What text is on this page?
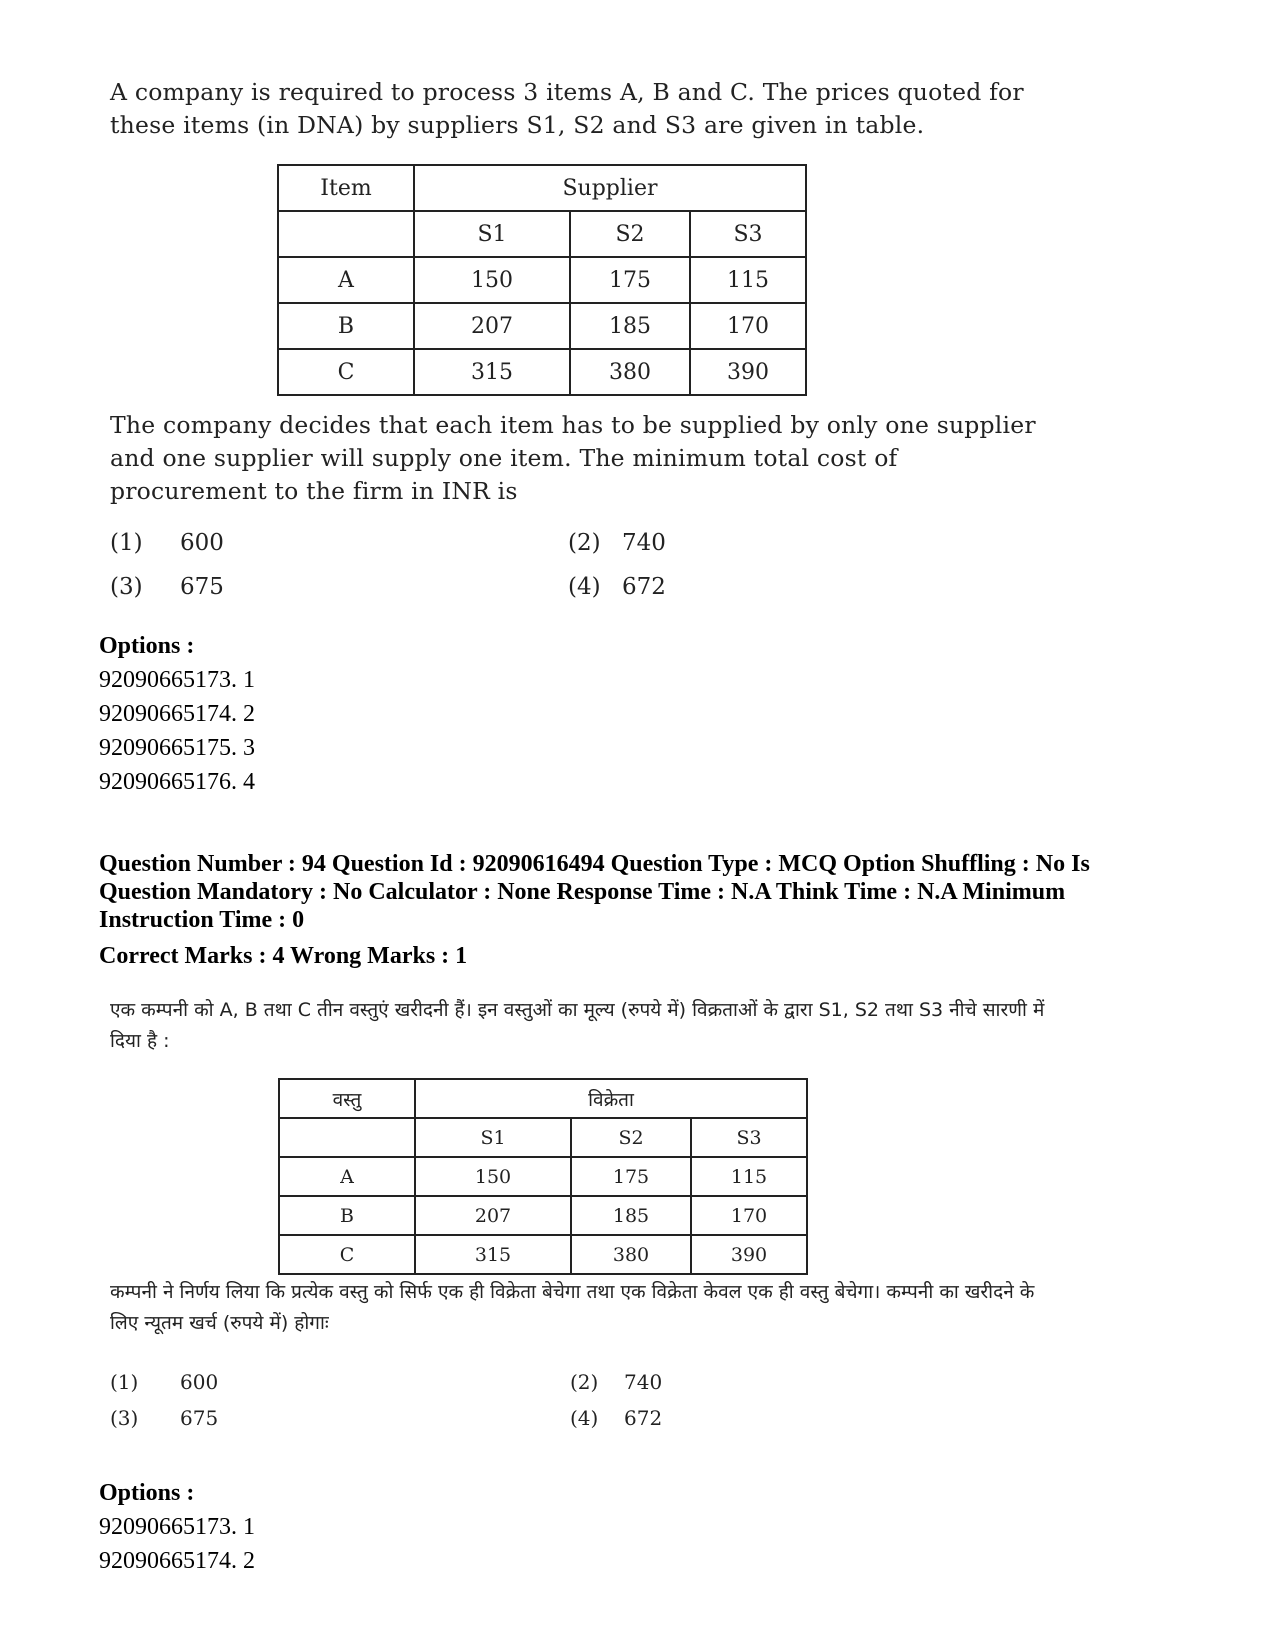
A company is required to process 3 items A, B and C. The prices quoted for these items (in DNA) by suppliers S1, S2 and S3 are given in table.
Item	Supplier		
	S1	S2	S3
A	150	175	115
B	207	185	170
C	315	380	390
The company decides that each item has to be supplied by only one supplier and one supplier will supply one item. The minimum total cost of procurement to the firm in INR is
(1) 600	(2) 740
(3) 675	(4) 672
Options :
92090665173. 1
92090665174. 2
92090665175. 3
92090665176. 4
Question Number : 94 Question Id : 92090616494 Question Type : MCQ Option Shuffling : No Is Question Mandatory : No Calculator : None Response Time : N.A Think Time : N.A Minimum Instruction Time : 0
Correct Marks : 4 Wrong Marks : 1
एक कम्पनी को A, B तथा C तीन वस्तुएं खरीदनी हैं। इन वस्तुओं का मूल्य (रुपये में) विक्रताओं के द्वारा S1, S2 तथा S3 नीचे सारणी में दिया है :
वस्तु	विक्रेता		
	S1	S2	S3
A	150	175	115
B	207	185	170
C	315	380	390
कम्पनी ने निर्णय लिया कि प्रत्येक वस्तु को सिर्फ एक ही विक्रेता बेचेगा तथा एक विक्रेता केवल एक ही वस्तु बेचेगा। कम्पनी का खरीदने के लिए न्यूतम खर्च (रुपये में) होगाः
(1) 600	(2) 740
(3) 675	(4) 672
Options :
92090665173. 1
92090665174. 2
